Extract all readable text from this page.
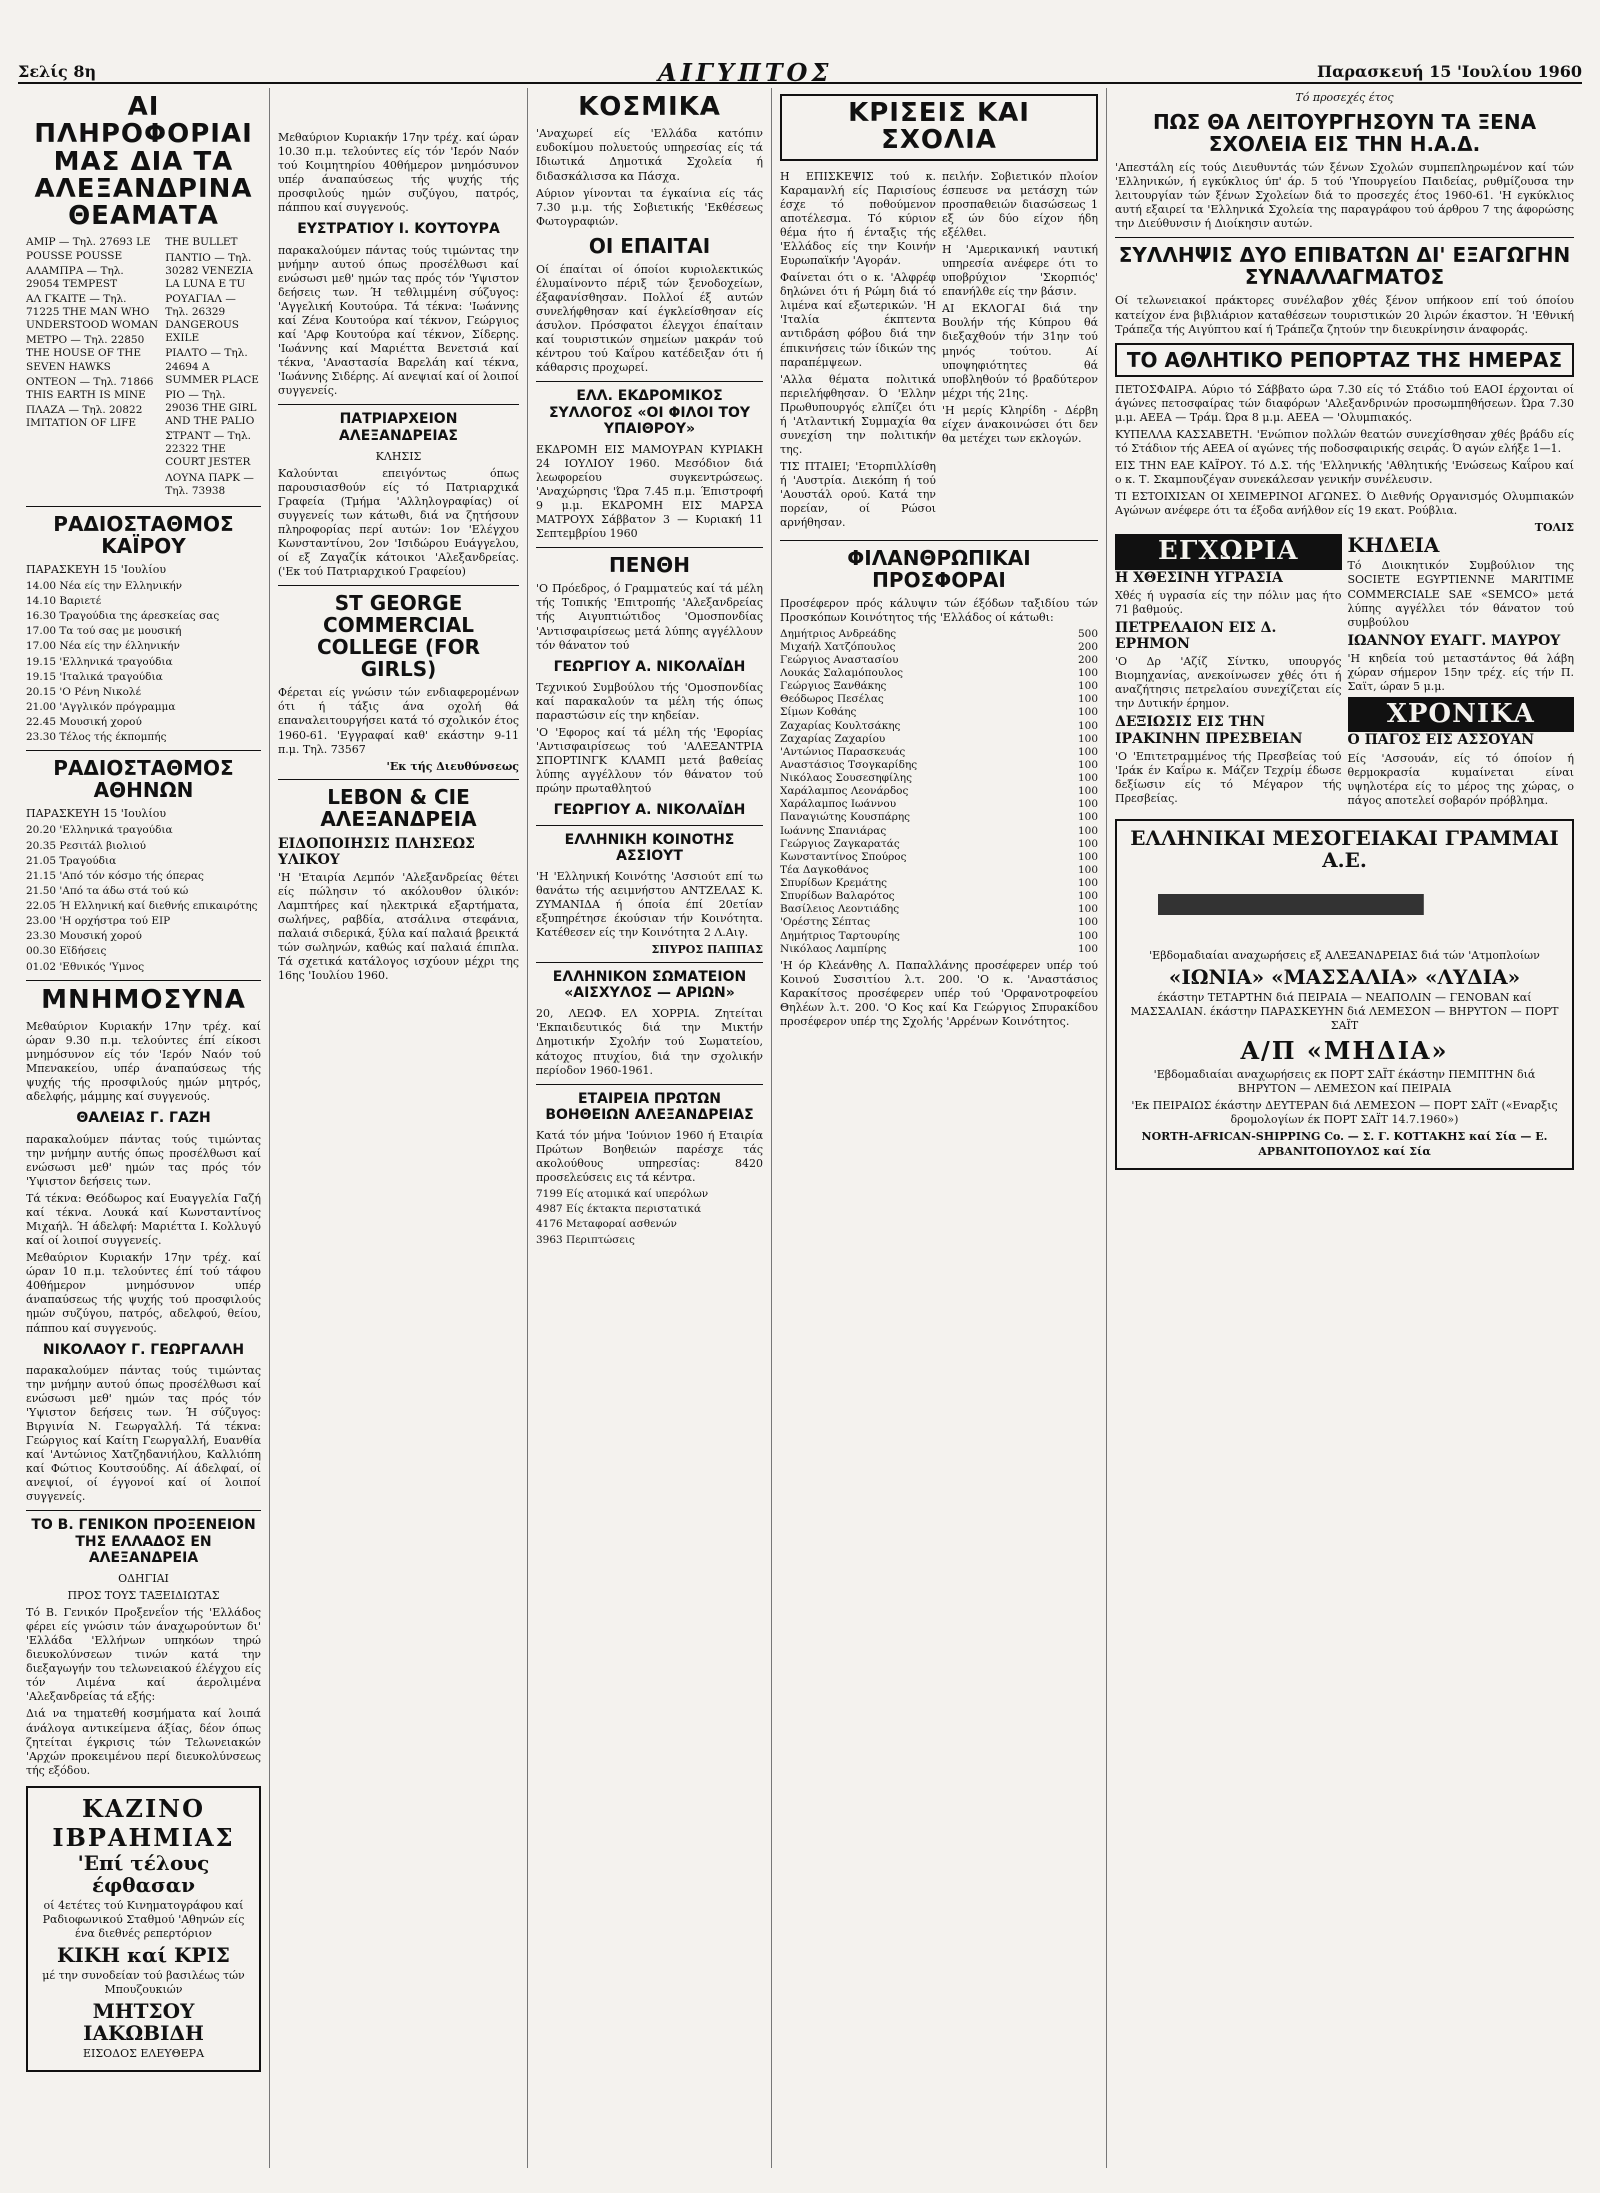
Σελίς 8η	ΑΙΓΥΠΤΟΣ	Παρασκευή 15 'Ιουλίου 1960
ΑΙ ΠΛΗΡΟΦΟΡΙΑΙ ΜΑΣ ΔΙΑ ΤΑ ΑΛΕΞΑΝΔΡΙΝΑ ΘΕΑΜΑΤΑ
ΑΜΙΡ — Τηλ. 27693 LE POUSSE POUSSE
ΑΛΑΜΠΡΑ — Τηλ. 29054 TEMPEST
ΑΛ ΓΚΑΙΤΕ — Τηλ. 71225 THE MAN WHO UNDERSTOOD WOMAN
ΜΕΤΡΟ — Τηλ. 22850 THE HOUSE OF THE SEVEN HAWKS
ΟΝΤΕΟΝ — Τηλ. 71866 THIS EARTH IS MINE
ΠΛΑΖΑ — Τηλ. 20822 IMITATION OF LIFE
THE BULLET
ΠΑΝΤΙΟ — Τηλ. 30282 VENEZIA LA LUNA E TU
ΡΟΥΑΓΙΑΛ — Τηλ. 26329 DANGEROUS EXILE
ΡΙΑΛΤΟ — Τηλ. 24694 A SUMMER PLACE
ΡΙΟ — Τηλ. 29036 THE GIRL AND THE PALIO
ΣΤΡΑΝΤ — Τηλ. 22322 THE COURT JESTER
ΛΟΥΝΑ ΠΑΡΚ — Τηλ. 73938
ΡΑΔΙΟΣΤΑΘΜΟΣ ΚΑΪΡΟΥ
ΠΑΡΑΣΚΕΥΗ 15 'Ιουλίου
14.00 Νέα είς την Ελληνικήν
14.10 Βαριετέ
16.30 Τραγούδια της άρεσκείας σας
17.00 Τα τού σας με μουσική
17.00 Νέα είς την έλληνικήν
19.15 'Ελληνικά τραγούδια
19.15 'Ιταλικά τραγούδια
20.15 'Ο Ρένη Νικολέ
21.00 'Αγγλικόν πρόγραμμα
22.45 Μουσική χορού
23.30 Τέλος τής έκπομπής
ΡΑΔΙΟΣΤΑΘΜΟΣ ΑΘΗΝΩΝ
ΠΑΡΑΣΚΕΥΗ 15 'Ιουλίου
20.20 'Ελληνικά τραγούδια
20.35 Ρεσιτάλ βιολιού
21.05 Τραγούδια
21.15 'Από τόν κόσμο τής όπερας
21.50 'Από τα άδω στά τού κώ
22.05 Ή Ελληνική καί διεθνής επικαιρότης
23.00 'Η ορχήστρα τού ΕΙΡ
23.30 Μουσική χορού
00.30 Εϊδήσεις
01.02 'Εθνικός 'Υμνος
ΜΝΗΜΟΣΥΝΑ

Μεθαύριον Κυριακήν 17ην τρέχ. καί ώραν 9.30 π.μ. τελούντες έπί είκοσι μνημόσυνον είς τόν 'Ιερόν Ναόν τού Μπενακείου, υπέρ άναπαύσεως τής ψυχής τής προσφιλούς ημών μητρός, αδελφής, μάμμης καί συγγενούς.

ΘΑΛΕΙΑΣ Γ. ΓΑΖΗ

παρακαλούμεν πάντας τούς τιμώντας την μνήμην αυτής όπως προσέλθωσι καί ενώσωσι μεθ' ημών τας πρός τόν 'Υψιστον δεήσεις των.

Τά τέκνα: Θεόδωρος καί Ευαγγελία Γαζή καί τέκνα. Λουκά καί Κωνσταντίνος Μιχαήλ. Ή άδελφή: Μαριέττα Ι. Κολλυγύ καί οί λοιποί συγγενείς.

Μεθαύριον Κυριακήν 17ην τρέχ. καί ώραν 10 π.μ. τελούντες έπί τού τάφου 40θήμερον μνημόσυνον υπέρ άναπαύσεως τής ψυχής τού προσφιλούς ημών συζύγου, πατρός, αδελφού, θείου, πάππου καί συγγενούς.

ΝΙΚΟΛΑΟΥ Γ. ΓΕΩΡΓΑΛΛΗ

παρακαλούμεν πάντας τούς τιμώντας την μνήμην αυτού όπως προσέλθωσι καί ενώσωσι μεθ' ημών τας πρός τόν 'Υψιστον δεήσεις των. Ή σύζυγος: Βιργινία Ν. Γεωργαλλή. Τά τέκνα: Γεώργιος καί Καίτη Γεωργαλλή, Ευανθία καί 'Αντώνιος Χατζηδανιήλου, Καλλιόπη καί Φώτιος Κουτσούδης. Αί άδελφαί, οί ανεψιοί, οί έγγονοί καί οί λοιποί συγγενείς.

ΤΟ Β. ΓΕΝΙΚΟΝ ΠΡΟΞΕΝΕΙΟΝ ΤΗΣ ΕΛΛΑΔΟΣ ΕΝ ΑΛΕΞΑΝΔΡΕΙΑ
ΟΔΗΓΙΑΙ
ΠΡΟΣ ΤΟΥΣ ΤΑΞΕΙΔΙΩΤΑΣ

Τό Β. Γενικόν Προξενεΐον τής 'Ελλάδος φέρει είς γνώσιν τών άναχωρούντων δι' 'Ελλάδα 'Ελλήνων υπηκόων τηρώ διευκολύνσεων τινών κατά την διεξαγωγήν του τελωνειακού έλέγχου είς τόν Λιμένα καί άερολιμένα 'Αλεξανδρείας τά εξής:

Διά να τηματεθή κοσμήματα καί λοιπά άνάλογα αντικείμενα άξίας, δέον όπως ζητείται έγκρισις τών Τελωνειακών 'Αρχών προκειμένου περί διευκολύνσεως τής εξόδου.

ΚΑΖΙΝΟ ΙΒΡΑΗΜΙΑΣ
'Επί τέλους έφθασαν
οί 4ετέτες τού Κινηματογράφου καί Ραδιοφωνικού Σταθμού 'Αθηνών είς ένα διεθνές ρεπερτόριον
ΚΙΚΗ καί ΚΡΙΣ
μέ την συνοδείαν τού βασιλέως τών Μπουζουκιών
ΜΗΤΣΟΥ ΙΑΚΩΒΙΔΗ
ΕΙΣΟΔΟΣ ΕΛΕΥΘΕΡΑ

Μεθαύριον Κυριακήν 17ην τρέχ. καί ώραν 10.30 π.μ. τελούντες είς τόν 'Ιερόν Ναόν τού Κοιμητηρίου 40θήμερον μνημόσυνον υπέρ άναπαύσεως τής ψυχής τής προσφιλούς ημών συζύγου, πατρός, πάππου καί συγγενούς.

ΕΥΣΤΡΑΤΙΟΥ Ι. ΚΟΥΤΟΥΡΑ

παρακαλούμεν πάντας τούς τιμώντας την μνήμην αυτού όπως προσέλθωσι καί ενώσωσι μεθ' ημών τας πρός τόν 'Υψιστον δεήσεις των. Ή τεθλιμμένη σύζυγος: 'Αγγελική Κουτούρα. Τά τέκνα: 'Ιωάννης καί Ζένα Κουτούρα καί τέκνον, Γεώργιος καί 'Αρφ Κουτούρα καί τέκνον, Σίδερης. 'Ιωάννης καί Μαριέττα Βενετσιά καί τέκνα, 'Αναστασία Βαρελάη καί τέκνα, 'Ιωάννης Σιδέρης. Αί ανεψιαί καί οί λοιποί συγγενείς.

ΠΑΤΡΙΑΡΧΕΙΟΝ ΑΛΕΞΑΝΔΡΕΙΑΣ
ΚΛΗΣΙΣ

Καλούνται επειγόντως όπως παρουσιασθούν είς τό Πατριαρχικά Γραφεία (Τμήμα 'Αλληλογραφίας) οί συγγενείς των κάτωθι, διά να ζητήσουν πληροφορίας περί αυτών: 1ον 'Ελέγχου Κωνσταντίνου, 2ον 'Ισιδώρου Ευάγγελου, οί εξ Ζαγαζίκ κάτοικοι 'Αλεξανδρείας. ('Εκ τού Πατριαρχικού Γραφείου)

ST GEORGE COMMERCIAL COLLEGE (FOR GIRLS)

Φέρεται είς γνώσιν τών ενδιαφερομένων ότι ή τάξις άνα οχολή θά επαναλειτουργήσει κατά τό σχολικόν έτος 1960-61. 'Εγγραφαί καθ' εκάστην 9-11 π.μ. Τηλ. 73567

'Εκ τής Διευθύνσεως
LEBON & CIE ΑΛΕΞΑΝΔΡΕΙΑ
ΕΙΔΟΠΟΙΗΣΙΣ ΠΛΗΣΕΩΣ ΥΛΙΚΟΥ

'Η 'Εταιρία Λεμπόν 'Αλεξανδρείας θέτει είς πώλησιν τό ακόλουθον ύλικόν: Λαμπτήρες καί ηλεκτρικά εξαρτήματα, σωλήνες, ραβδία, ατσάλινα στεφάνια, παλαιά σιδερικά, ξύλα καί παλαιά βρεικτά τών σωληνών, καθώς καί παλαιά έπιπλα. Τά σχετικά κατάλογος ισχύουν μέχρι της 16ης 'Ιουλίου 1960.

ΚΟΣΜΙΚΑ

'Αναχωρεί είς 'Ελλάδα κατόπιν ευδοκίμου πολυετούς υπηρεσίας είς τά Ιδιωτικά Δημοτικά Σχολεία ή διδασκάλισσα κα Πάσχα.

Αύριον γίνονται τα έγκαίνια είς τάς 7.30 μ.μ. τής Σοβιετικής 'Εκθέσεως Φωτογραφιών.

ΟΙ ΕΠΑΙΤΑΙ

Οί έπαίται οί όποίοι κυριολεκτικώς έλυμαίνοντο πέριξ τών ξενοδοχείων, έξαφανίσθησαν. Πολλοί έξ αυτών συνελήφθησαν καί έγκλείσθησαν είς άσυλον. Πρόσφατοι έλεγχοι έπαίταιν καί τουριστικών σημείων μακράν τού κέντρου τού Καΐρου κατέδειξαν ότι ή κάθαρσις προχωρεί.

ΕΛΛ. ΕΚΔΡΟΜΙΚΟΣ ΣΥΛΛΟΓΟΣ «ΟΙ ΦΙΛΟΙ ΤΟΥ ΥΠΑΙΘΡΟΥ»

ΕΚΔΡΟΜΗ ΕΙΣ ΜΑΜΟΥΡΑΝ ΚΥΡΙΑΚΗ 24 ΙΟΥΛΙΟΥ 1960. Μεσόδιον διά λεωφορείου συγκεντρώσεως. 'Αναχώρησις 'Ώρα 7.45 π.μ. Έπιστροφή 9 μ.μ. ΕΚΔΡΟΜΗ ΕΙΣ ΜΑΡΣΑ ΜΑΤΡΟΥΧ Σάββατον 3 — Κυριακή 11 Σεπτεμβρίου 1960

ΠΕΝΘΗ

'Ο Πρόεδρος, ό Γραμματεύς καί τά μέλη τής Τοπικής 'Επιτροπής 'Αλεξανδρείας τής Αιγυπτιώτιδος 'Ομοσπονδίας 'Αντισφαιρίσεως μετά λύπης αγγέλλουν τόν θάνατον τού

ΓΕΩΡΓΙΟΥ Α. ΝΙΚΟΛΑΪΔΗ

Τεχνικού Συμβούλου τής 'Ομοσπονδίας καί παρακαλούν τα μέλη τής όπως παραστώσιν είς την κηδείαν.

'Ο 'Εφορος καί τά μέλη τής 'Εφορίας 'Αντισφαιρίσεως τού 'ΑΛΕΞΑΝΤΡΙΑ ΣΠΟΡΤΙΝΓΚ ΚΛΑΜΠ μετά βαθείας λύπης αγγέλλουν τόν θάνατον τού πρώην πρωταθλητού

ΓΕΩΡΓΙΟΥ Α. ΝΙΚΟΛΑΪΔΗ
ΕΛΛΗΝΙΚΗ ΚΟΙΝΟΤΗΣ ΑΣΣΙΟΥΤ

'Η 'Ελληνική Κοινότης 'Ασσιούτ επί τω θανάτω τής αειμνήστου ΑΝΤΖΕΛΑΣ Κ. ΖΥΜΑΝΙΔΑ ή όποία έπί 20ετίαν εξυπηρέτησε έκούσιαν τήν Κοινότητα. Κατέθεσεν είς την Κοινότητα 2 Λ.Αιγ.

ΣΠΥΡΟΣ ΠΑΠΠΑΣ
ΕΛΛΗΝΙΚΟΝ ΣΩΜΑΤΕΙΟΝ «ΑΙΣΧΥΛΟΣ — ΑΡΙΩΝ»

20, ΛΕΩΦ. ΕΛ ΧΟΡΡΙΑ. Ζητείται 'Εκπαιδευτικός διά την Μικτήν Δημοτικήν Σχολήν τού Σωματείου, κάτοχος πτυχίου, διά την σχολικήν περίοδον 1960-1961.

ΕΤΑΙΡΕΙΑ ΠΡΩΤΩΝ ΒΟΗΘΕΙΩΝ ΑΛΕΞΑΝΔΡΕΙΑΣ

Κατά τόν μήνα 'Ιούνιον 1960 ή Εταιρία Πρώτων Βοηθειών παρέσχε τάς ακολούθους υπηρεσίας: 8420 προσελεύσεις εις τά κέντρα.

7199 Είς ατομικά καί υπερόλων
4987 Είς έκτακτα περιστατικά
4176 Μεταφοραί ασθενών
3963 Περιπτώσεις
ΚΡΙΣΕΙΣ ΚΑΙ ΣΧΟΛΙΑ

Η ΕΠΙΣΚΕΨΙΣ τού κ. Καραμανλή είς Παρισίους έσχε τό ποθούμενον αποτέλεσμα. Τό κύριον θέμα ήτο ή ένταξις τής 'Ελλάδος είς την Κοινήν Ευρωπαϊκήν 'Αγοράν.

Φαίνεται ότι ο κ. 'Αλφρέφ δηλώνει ότι ή Ρώμη διά τό λιμένα καί εξωτερικών. 'Η 'Ιταλία έκπτεντα αντιδράση φόβου διά την έπικινήσεις τών ίδικών της παραπέμψεων.

'Αλλα θέματα πολιτικά περιελήφθησαν. Ό 'Ελλην Πρωθυπουργός ελπίζει ότι ή 'Ατλαντική Συμμαχία θα συνεχίση την πολιτικήν της.

ΤΙΣ ΠΤΑΙΕΙ; 'Ετορπιλλίσθη ή 'Αυστρία. Διεκόπη ή τού 'Αουστάλ ορού. Κατά την πορείαν, οί Ρώσοι αρνήθησαν.

πειλήν. Σοβιετικόν πλοίον έσπευσε να μετάσχη τών προσπαθειών διασώσεως 1 εξ ών δύο είχον ήδη εξέλθει.

Η 'Αμερικανική ναυτική υπηρεσία ανέφερε ότι το υποβρύχιον 'Σκορπιός' επανήλθε είς την βάσιν.

ΑΙ ΕΚΛΟΓΑΙ διά την Βουλήν τής Κύπρου θά διεξαχθούν τήν 31ην τού μηνός τούτου. Αί υποψηφιότητες θά υποβληθούν τό βραδύτερον μέχρι τής 21ης.

'Η μερίς Κληρίδη - Δέρβη είχεν άνακοινώσει ότι δεν θα μετέχει των εκλογών.

ΦΙΛΑΝΘΡΩΠΙΚΑΙ ΠΡΟΣΦΟΡΑΙ

Προσέφερον πρός κάλυψιν τών έξόδων ταξιδίου τών Προσκόπων Κοινότητος τής 'Ελλάδος οί κάτωθι:

Δημήτριος Ανδρεάδης	500
Μιχαήλ Χατζόπουλος	200
Γεώργιος Αναστασίου	200
Λουκάς Σαλαμόπουλος	100
Γεώργιος Ξανθάκης	100
Θεόδωρος Πεσέλας	100
Σίμων Κοθάης	100
Ζαχαρίας Κουλτσάκης	100
Ζαχαρίας Ζαχαρίου	100
'Αντώνιος Παρασκευάς	100
Αναστάσιος Τσογκαρίδης	100
Νικόλαος Σουσεσηφίλης	100
Χαράλαμπος Λεονάρδος	100
Χαράλαμπος Ιωάννου	100
Παναγιώτης Κουσπάρης	100
Ιωάννης Σπανιάρας	100
Γεώργιος Ζαγκαρατάς	100
Κωνσταντίνος Σπούρος	100
Τέα Δαγκοθάνος	100
Σπυρίδων Κρεμάτης	100
Σπυρίδων Βαλαρότος	100
Βασίλειος Λεοντιάδης	100
'Ορέστης Σέπτας	100
Δημήτριος Ταρτουρίης	100
Νικόλαος Λαμπίρης	100

'Η όρ Κλεάνθης Λ. Παπαλλάνης προσέφερεν υπέρ τού Κοινού Συσσιτίου λ.τ. 200. 'Ο κ. 'Αναστάσιος Καρακίτσος προσέφερεν υπέρ τού 'Ορφανοτροφείου Θηλέων λ.τ. 200. 'Ο Κος καί Κα Γεώργιος Σπυρακίδου προσέφερον υπέρ της Σχολής 'Αρρένων Κοινότητος.

Τό προσεχές έτος
ΠΩΣ ΘΑ ΛΕΙΤΟΥΡΓΗΣΟΥΝ ΤΑ ΞΕΝΑ ΣΧΟΛΕΙΑ ΕΙΣ ΤΗΝ Η.Α.Δ.

'Απεστάλη είς τούς Διευθυντάς τών ξένων Σχολών συμπεπληρωμένον καί τών 'Ελληνικών, ή εγκύκλιος ύπ' άρ. 5 τού 'Υπουργείου Παιδείας, ρυθμίζουσα την λειτουργίαν τών ξένων Σχολείων διά το προσεχές έτος 1960-61. 'Η εγκύκλιος αυτή εξαιρεί τα 'Ελληνικά Σχολεία της παραγράφου τού άρθρου 7 της άφορώσης την Διεύθυνσιν ή Διοίκησιν αυτών.

ΣΥΛΛΗΨΙΣ ΔΥΟ ΕΠΙΒΑΤΩΝ ΔΙ' ΕΞΑΓΩΓΗΝ ΣΥΝΑΛΛΑΓΜΑΤΟΣ

Οί τελωνειακοί πράκτορες συνέλαβον χθές ξένον υπήκοον επί τού όποίου κατείχον ένα βιβλιάριον καταθέσεων τουριστικών 20 λιρών έκαστον. Ή 'Εθνική Τράπεζα τής Αιγύπτου καί ή Τράπεζα ζητούν την διευκρίνησιν άναφοράς.

ΤΟ ΑΘΛΗΤΙΚΟ ΡΕΠΟΡΤΑΖ ΤΗΣ ΗΜΕΡΑΣ

ΠΕΤΟΣΦΑΙΡΑ. Αύριο τό Σάββατο ώρα 7.30 είς τό Στάδιο τού ΕΑΟΙ έρχονται οί άγώνες πετοσφαίρας τών διαφόρων 'Αλεξανδρινών προσωμπηθήσεων. Ώρα 7.30 μ.μ. ΑΕΕΑ — Τράμ. Ώρα 8 μ.μ. ΑΕΕΑ — 'Ολυμπιακός.

ΚΥΠΕΛΛΑ ΚΑΣΣΑΒΕΤΗ. 'Ενώπιον πολλών θεατών συνεχίσθησαν χθές βράδυ είς τό Στάδιον τής ΑΕΕΑ οί αγώνες τής ποδοσφαιρικής σειράς. Ό αγών ελήξε 1—1.

ΕΙΣ ΤΗΝ ΕΑΕ ΚΑΪΡΟΥ. Τό Δ.Σ. τής 'Ελληνικής 'Αθλητικής 'Ενώσεως Καΐρου καί ο κ. Τ. Σκαμπουζέγαν συνεκάλεσαν γενικήν συνέλευσιν.

ΤΙ ΕΣΤΟΙΧΙΣΑΝ ΟΙ ΧΕΙΜΕΡΙΝΟΙ ΑΓΩΝΕΣ. Ό Διεθνής Οργανισμός Ολυμπιακών Αγώνων ανέφερε ότι τα έξοδα ανήλθον είς 19 εκατ. Ρούβλια.

ΤΟΛΙΣ
ΕΓΧΩΡΙΑ
Η ΧΘΕΣΙΝΗ ΥΓΡΑΣΙΑ

Χθές ή υγρασία είς την πόλιν μας ήτο 71 βαθμούς.

ΠΕΤΡΕΛΑΙΟΝ ΕΙΣ Δ. ΕΡΗΜΟΝ

'Ο Δρ 'Αζίζ Σίντκυ, υπουργός Βιομηχανίας, ανεκοίνωσεν χθές ότι ή αναζήτησις πετρελαίου συνεχίζεται είς την Δυτικήν έρημον.

ΔΕΞΙΩΣΙΣ ΕΙΣ ΤΗΝ ΙΡΑΚΙΝΗΝ ΠΡΕΣΒΕΙΑΝ

'Ο 'Επιτετραμμένος τής Πρεσβείας τού 'Ιράκ έν Καΐρω κ. Μάζεν Τεχρίμ έδωσε δεξίωσιν είς τό Μέγαρον τής Πρεσβείας.

ΚΗΔΕΙΑ

Τό Διοικητικόν Συμβούλιον της SOCIETE EGYPTIENNE MARITIME COMMERCIALE SAE «SEMCO» μετά λύπης αγγέλλει τόν θάνατον τού συμβούλου

ΙΩΑΝΝΟΥ ΕΥΑΓΓ. ΜΑΥΡΟΥ

'Η κηδεία τού μεταστάντος θά λάβη χώραν σήμερον 15ην τρέχ. είς τήν Π. Σαϊτ, ώραν 5 μ.μ.

ΧΡΟΝΙΚΑ
Ο ΠΑΓΟΣ ΕΙΣ ΑΣΣΟΥΑΝ

Είς 'Ασσουάν, είς τό όποίον ή θερμοκρασία κυμαίνεται είναι υψηλοτέρα είς το μέρος της χώρας, ο πάγος αποτελεί σοβαρόν πρόβλημα.

ΕΛΛΗΝΙΚΑΙ ΜΕΣΟΓΕΙΑΚΑΙ ΓΡΑΜΜΑΙ Α.Ε.
'Εβδομαδιαίαι αναχωρήσεις εξ ΑΛΕΞΑΝΔΡΕΙΑΣ διά τών 'Ατμοπλοίων
«ΙΩΝΙΑ» «ΜΑΣΣΑΛΙΑ» «ΛΥΔΙΑ»
έκάστην ΤΕΤΑΡΤΗΝ διά ΠΕΙΡΑΙΑ — ΝΕΑΠΟΛΙΝ — ΓΕΝΟΒΑΝ καί ΜΑΣΣΑΛΙΑΝ. έκάστην ΠΑΡΑΣΚΕΥΗΝ διά ΛΕΜΕΣΟΝ — ΒΗΡΥΤΟΝ — ΠΟΡΤ ΣΑΪΤ
Α/Π «ΜΗΔΙΑ»
'Εβδομαδιαίαι αναχωρήσεις εκ ΠΟΡΤ ΣΑΪΤ έκάστην ΠΕΜΠΤΗΝ διά ΒΗΡΥΤΟΝ — ΛΕΜΕΣΟΝ καί ΠΕΙΡΑΙΑ
'Εκ ΠΕΙΡΑΙΩΣ έκάστην ΔΕΥΤΕΡΑΝ διά ΛΕΜΕΣΟΝ — ΠΟΡΤ ΣΑΪΤ («Εναρξις δρομολογίων έκ ΠΟΡΤ ΣΑΪΤ 14.7.1960»)
NORTH-AFRICAN-SHIPPING Co. — Σ. Γ. ΚΟΤΤΑΚΗΣ καί Σία — Ε. ΑΡΒΑΝΙΤΟΠΟΥΛΟΣ καί Σία
